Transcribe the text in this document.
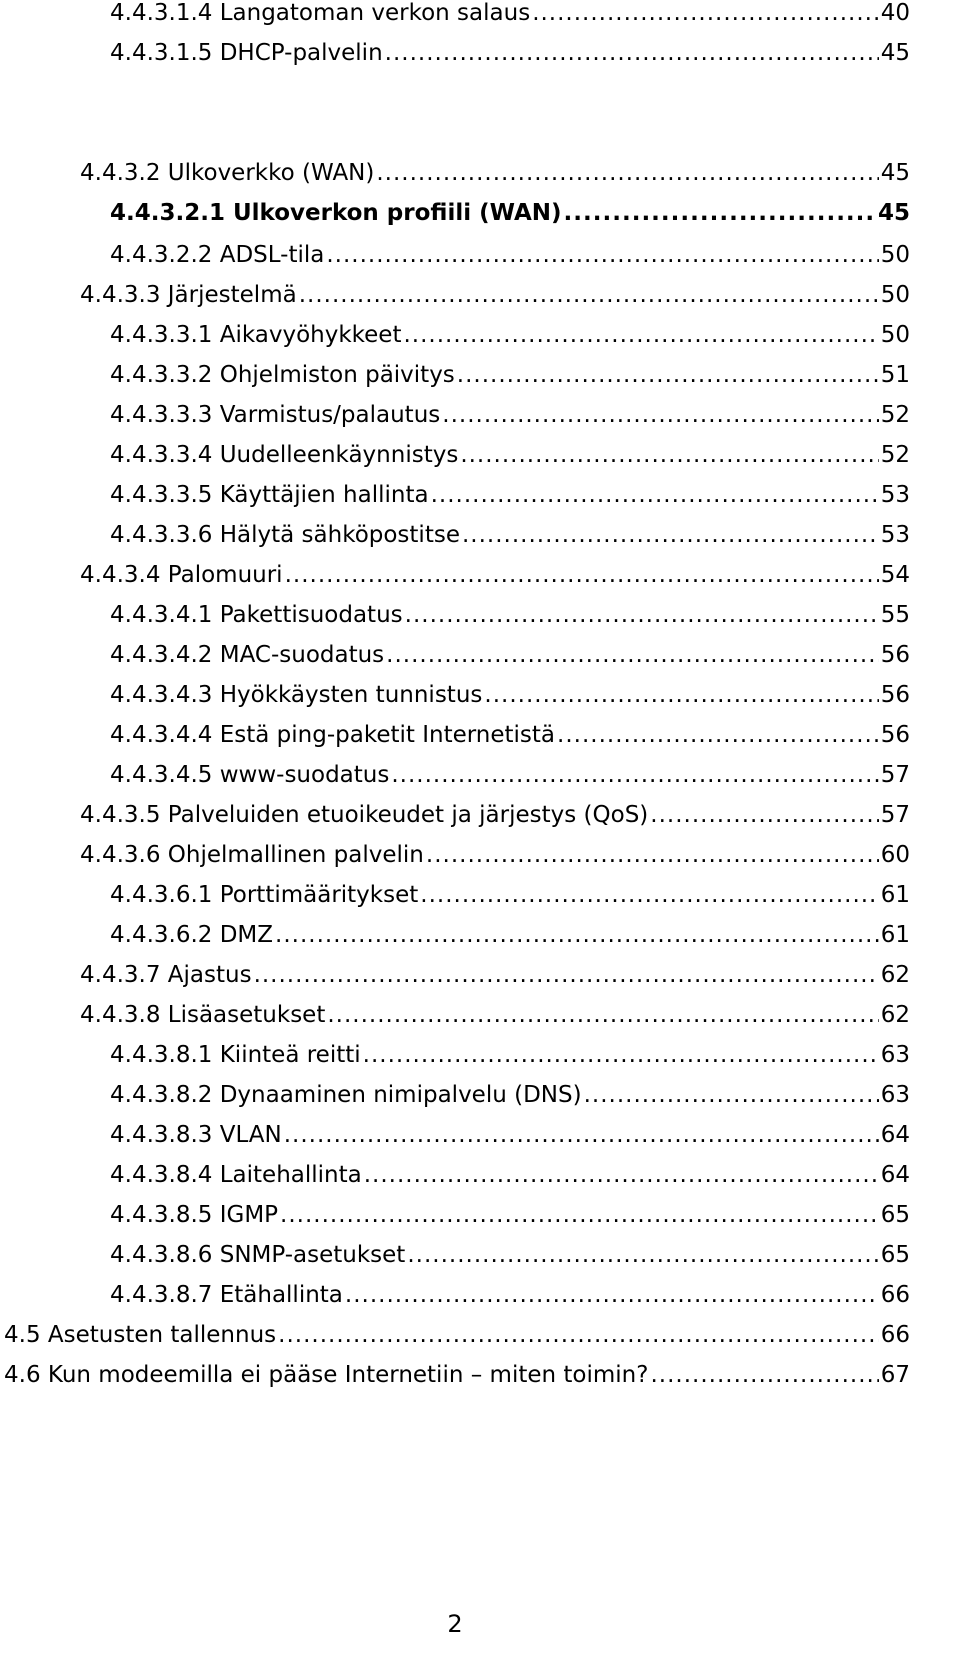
4.4.3.1.4 Langatoman verkon salaus .....	40
4.4.3.1.5 DHCP-palvelin .....	45
4.4.3.2 Ulkoverkko (WAN) .....	45
4.4.3.2.1 Ulkoverkon profiili (WAN) .....	45
4.4.3.2.2 ADSL-tila .....	50
4.4.3.3 Järjestelmä .....	50
4.4.3.3.1 Aikavyöhykkeet .....	50
4.4.3.3.2 Ohjelmiston päivitys .....	51
4.4.3.3.3 Varmistus/palautus .....	52
4.4.3.3.4 Uudelleenkäynnistys .....	52
4.4.3.3.5 Käyttäjien hallinta .....	53
4.4.3.3.6 Hälytä sähköpostitse .....	53
4.4.3.4 Palomuuri .....	54
4.4.3.4.1 Pakettisuodatus .....	55
4.4.3.4.2 MAC-suodatus .....	56
4.4.3.4.3 Hyökkäysten tunnistus .....	56
4.4.3.4.4 Estä ping-paketit Internetistä .....	56
4.4.3.4.5 www-suodatus .....	57
4.4.3.5 Palveluiden etuoikeudet ja järjestys (QoS) .....	57
4.4.3.6 Ohjelmallinen palvelin .....	60
4.4.3.6.1 Porttimääritykset .....	61
4.4.3.6.2 DMZ .....	61
4.4.3.7 Ajastus .....	62
4.4.3.8 Lisäasetukset .....	62
4.4.3.8.1 Kiinteä reitti .....	63
4.4.3.8.2 Dynaaminen nimipalvelu (DNS) .....	63
4.4.3.8.3 VLAN .....	64
4.4.3.8.4 Laitehallinta .....	64
4.4.3.8.5 IGMP .....	65
4.4.3.8.6 SNMP-asetukset .....	65
4.4.3.8.7 Etähallinta .....	66
4.5 Asetusten tallennus .....	66
4.6 Kun modeemilla ei pääse Internetiin – miten toimin? .....	67
2
